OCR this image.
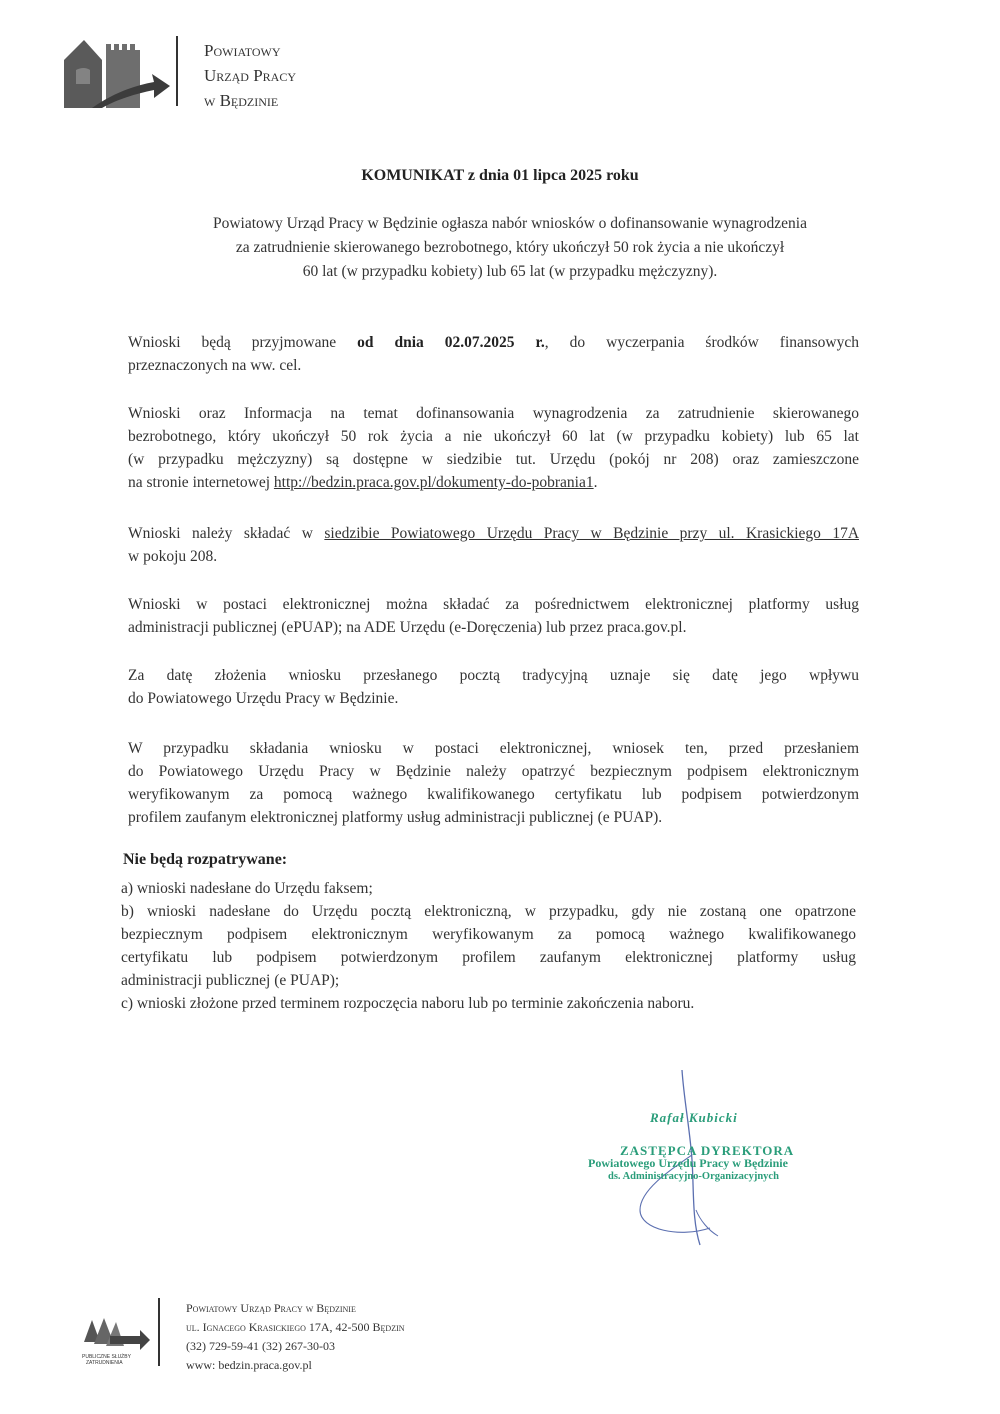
Powiatowy
Urząd Pracy
w Będzinie
KOMUNIKAT z dnia 01 lipca 2025 roku
Powiatowy Urząd Pracy w Będzinie ogłasza nabór wniosków o dofinansowanie wynagrodzenia
za zatrudnienie skierowanego bezrobotnego, który ukończył 50 rok życia a nie ukończył
60 lat (w przypadku kobiety) lub 65 lat (w przypadku mężczyzny).
Wnioski będą przyjmowane od dnia 02.07.2025 r., do wyczerpania środków finansowych
przeznaczonych na ww. cel.
Wnioski oraz Informacja na temat dofinansowania wynagrodzenia za zatrudnienie skierowanego
bezrobotnego, który ukończył 50 rok życia a nie ukończył 60 lat (w przypadku kobiety) lub 65 lat
(w przypadku mężczyzny) są dostępne w siedzibie tut. Urzędu (pokój nr 208) oraz zamieszczone
na stronie internetowej http://bedzin.praca.gov.pl/dokumenty-do-pobrania1.
Wnioski należy składać w siedzibie Powiatowego Urzędu Pracy w Będzinie przy ul. Krasickiego 17A
w pokoju 208.
Wnioski w postaci elektronicznej można składać za pośrednictwem elektronicznej platformy usług
administracji publicznej (ePUAP); na ADE Urzędu (e-Doręczenia) lub przez praca.gov.pl.
Za datę złożenia wniosku przesłanego pocztą tradycyjną uznaje się datę jego wpływu
do Powiatowego Urzędu Pracy w Będzinie.
W przypadku składania wniosku w postaci elektronicznej, wniosek ten, przed przesłaniem
do Powiatowego Urzędu Pracy w Będzinie należy opatrzyć bezpiecznym podpisem elektronicznym
weryfikowanym za pomocą ważnego kwalifikowanego certyfikatu lub podpisem potwierdzonym
profilem zaufanym elektronicznej platformy usług administracji publicznej (e PUAP).
Nie będą rozpatrywane:
a) wnioski nadesłane do Urzędu faksem;
b) wnioski nadesłane do Urzędu pocztą elektroniczną, w przypadku, gdy nie zostaną one opatrzone
bezpiecznym podpisem elektronicznym weryfikowanym za pomocą ważnego kwalifikowanego
certyfikatu lub podpisem potwierdzonym profilem zaufanym elektronicznej platformy usług
administracji publicznej (e PUAP);
c) wnioski złożone przed terminem rozpoczęcia naboru lub po terminie zakończenia naboru.
Rafał Kubicki
ZASTĘPCA DYREKTORA
Powiatowego Urzędu Pracy w Będzinie
ds. Administracyjno-Organizacyjnych
PUBLICZNE SŁUŻBY
ZATRUDNIENIA
Powiatowy Urząd Pracy w Będzinie
ul. Ignacego Krasickiego 17A, 42-500 Będzin
(32) 729-59-41 (32) 267-30-03
www: bedzin.praca.gov.pl
